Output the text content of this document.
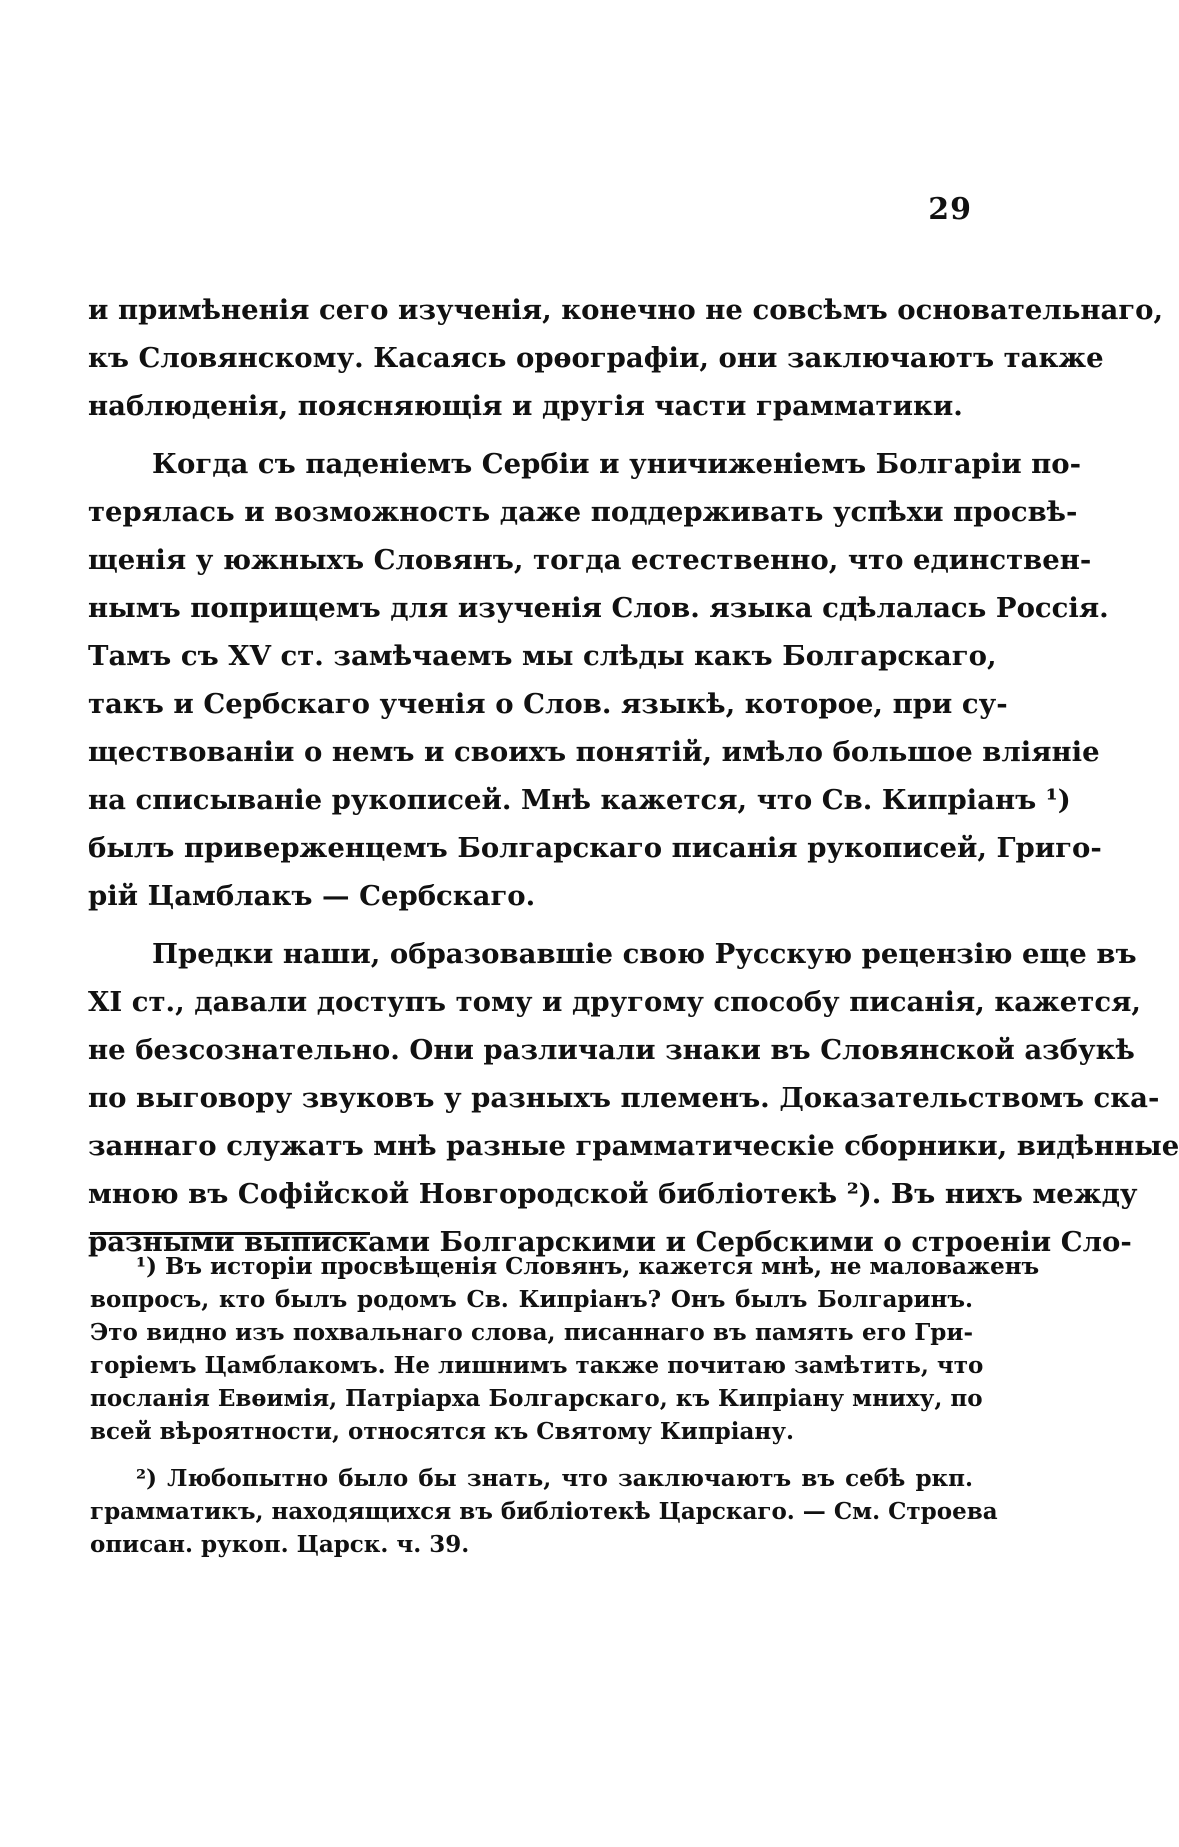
29
и примѣненія сего изученія, конечно не совсѣмъ основательнаго,
къ Словянскому. Касаясь орѳографіи, они заключаютъ также
наблюденія, поясняющія и другія части грамматики.
Когда съ паденіемъ Сербіи и уничиженіемъ Болгаріи по-
терялась и возможность даже поддерживать успѣхи просвѣ-
щенія у южныхъ Словянъ, тогда естественно, что единствен-
нымъ поприщемъ для изученія Слов. языка сдѣлалась Россія.
Тамъ съ XV ст. замѣчаемъ мы слѣды какъ Болгарскаго,
такъ и Сербскаго ученія о Слов. языкѣ, которое, при су-
ществованіи о немъ и своихъ понятій, имѣло большое вліяніе
на списываніе рукописей. Мнѣ кажется, что Св. Кипріанъ ¹)
былъ приверженцемъ Болгарскаго писанія рукописей, Григо-
рій Цамблакъ — Сербскаго.
Предки наши, образовавшіе свою Русскую рецензію еще въ
XI ст., давали доступъ тому и другому способу писанія, кажется,
не безсознательно. Они различали знаки въ Словянской азбукѣ
по выговору звуковъ у разныхъ племенъ. Доказательствомъ ска-
заннаго служатъ мнѣ разные грамматическіе сборники, видѣнные
мною въ Софійской Новгородской библіотекѣ ²). Въ нихъ между
разными выписками Болгарскими и Сербскими о строеніи Сло-
¹) Въ исторіи просвѣщенія Словянъ, кажется мнѣ, не маловаженъ
вопросъ, кто былъ родомъ Св. Кипріанъ? Онъ былъ Болгаринъ.
Это видно изъ похвальнаго слова, писаннаго въ память его Гри-
горіемъ Цамблакомъ. Не лишнимъ также почитаю замѣтить, что
посланія Евѳимія, Патріарха Болгарскаго, къ Кипріану мниху, по
всей вѣроятности, относятся къ Святому Кипріану.
²) Любопытно было бы знать, что заключаютъ въ себѣ ркп.
грамматикъ, находящихся въ библіотекѣ Царскаго. — См. Строева
описан. рукоп. Царск. ч. 39.
